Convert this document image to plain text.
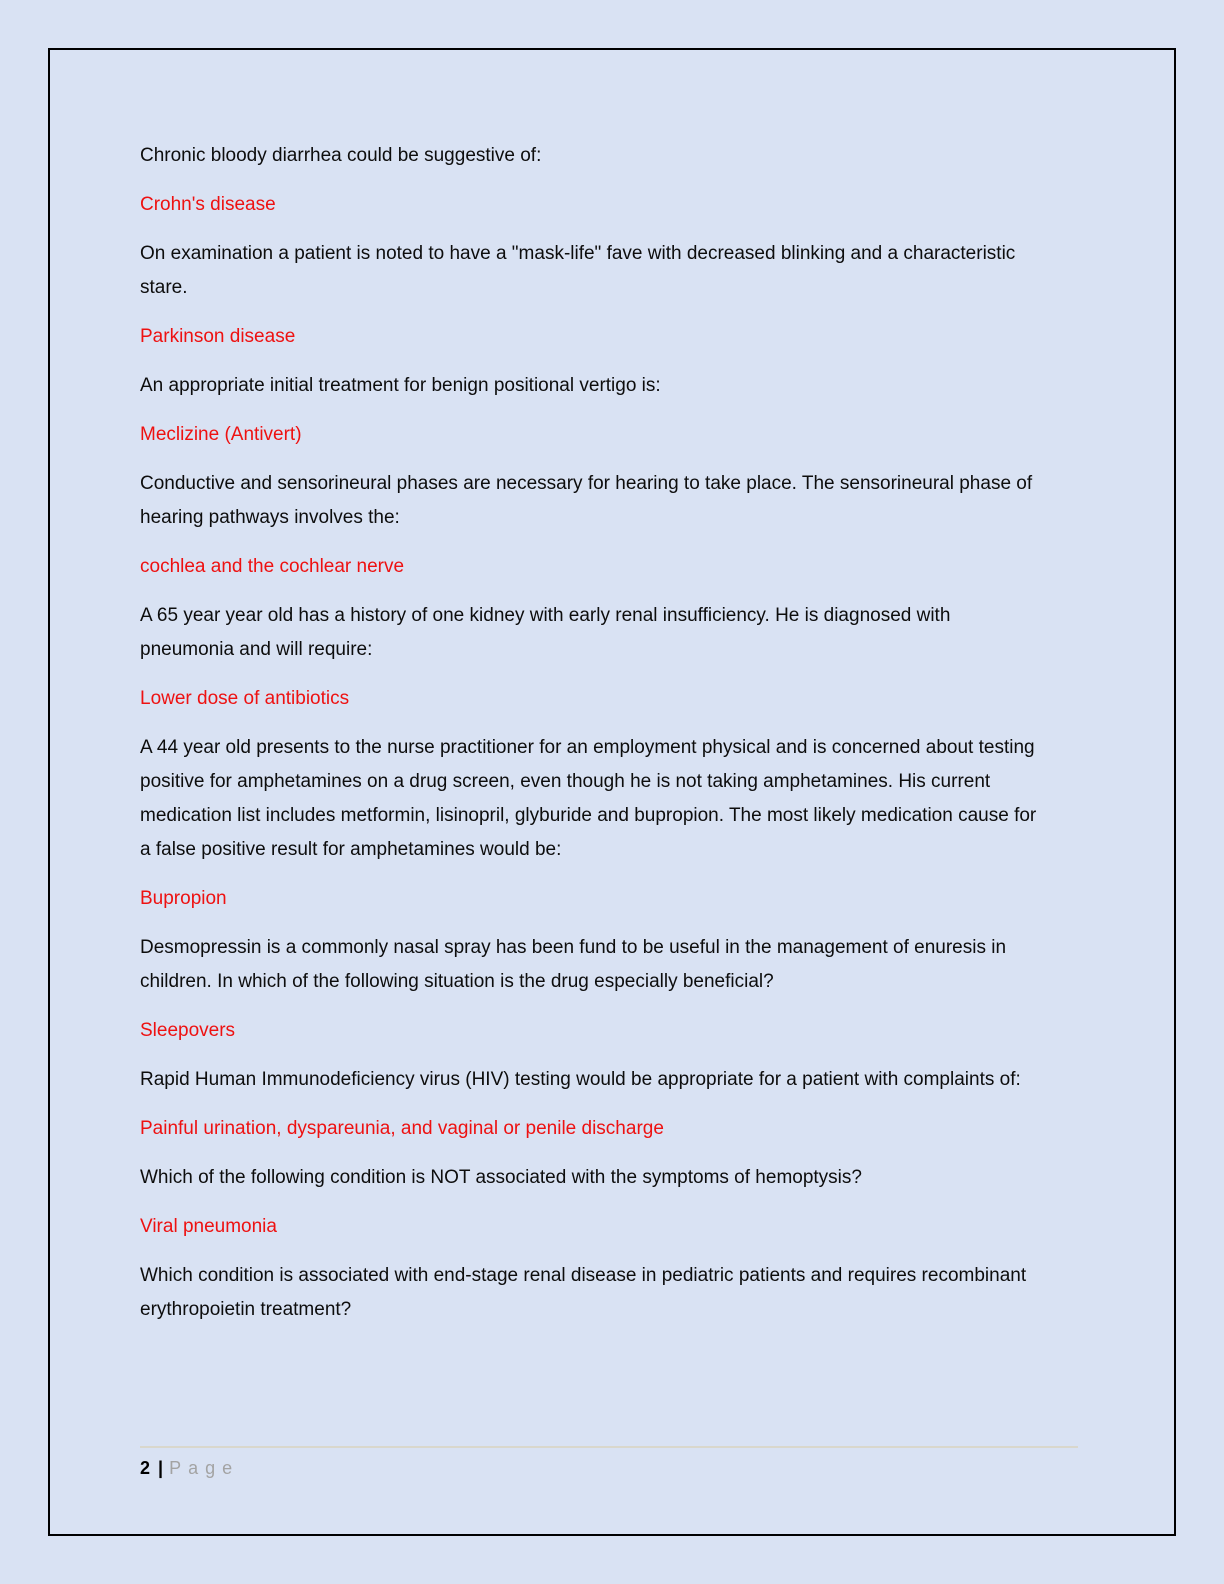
Chronic bloody diarrhea could be suggestive of:

Crohn's disease

On examination a patient is noted to have a "mask-life" fave with decreased blinking and a characteristic stare.

Parkinson disease

An appropriate initial treatment for benign positional vertigo is:

Meclizine (Antivert)

Conductive and sensorineural phases are necessary for hearing to take place. The sensorineural phase of hearing pathways involves the:

cochlea and the cochlear nerve

A 65 year year old has a history of one kidney with early renal insufficiency. He is diagnosed with pneumonia and will require:

Lower dose of antibiotics

A 44 year old presents to the nurse practitioner for an employment physical and is concerned about testing positive for amphetamines on a drug screen, even though he is not taking amphetamines. His current medication list includes metformin, lisinopril, glyburide and bupropion. The most likely medication cause for a false positive result for amphetamines would be:

Bupropion

Desmopressin is a commonly nasal spray has been fund to be useful in the management of enuresis in children. In which of the following situation is the drug especially beneficial?

Sleepovers

Rapid Human Immunodeficiency virus (HIV) testing would be appropriate for a patient with complaints of:

Painful urination, dyspareunia, and vaginal or penile discharge

Which of the following condition is NOT associated with the symptoms of hemoptysis?

Viral pneumonia

Which condition is associated with end-stage renal disease in pediatric patients and requires recombinant erythropoietin treatment?

2 | Page
